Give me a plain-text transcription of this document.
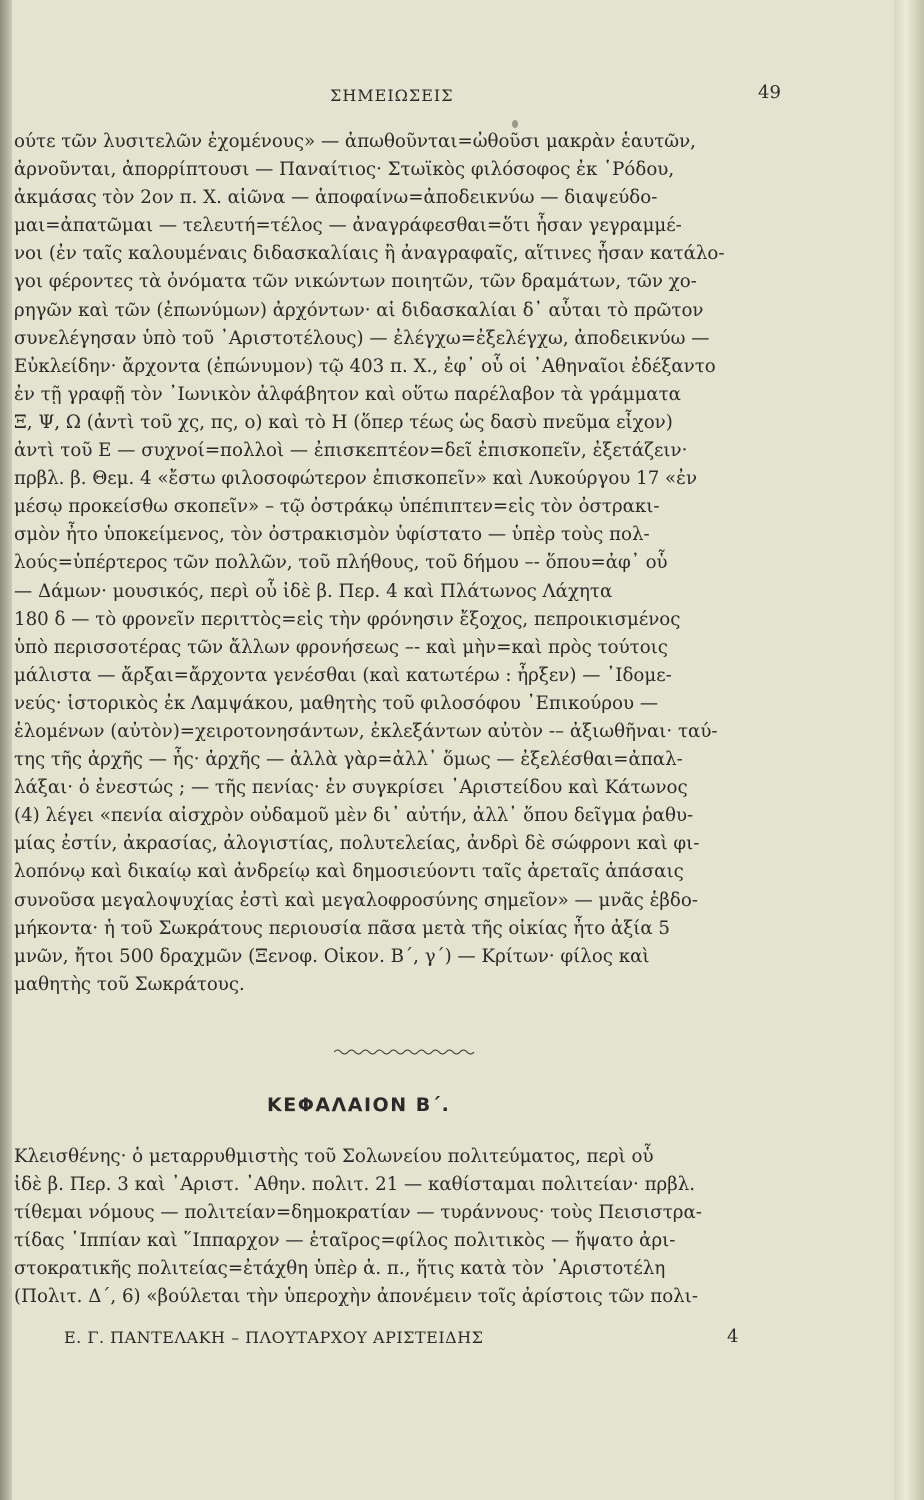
ΣΗΜΕΙΩΣΕΙΣ	49
ούτε τῶν λυσιτελῶν ἐχομένους» — ἀπωθοῦνται=ὠθοῦσι μακρὰν ἑαυτῶν,
ἀρνοῦνται, ἀπορρίπτουσι — Παναίτιος· Στωϊκὸς φιλόσοφος ἐκ ῾Ρόδου,
ἀκμάσας τὸν 2ον π. Χ. αἰῶνα — ἀποφαίνω=ἀποδεικνύω — διαψεύδο-
μαι=ἀπατῶμαι — τελευτή=τέλος — ἀναγράφεσθαι=ὅτι ἦσαν γεγραμμέ-
νοι (ἐν ταῖς καλουμέναις διδασκαλίαις ἢ ἀναγραφαῖς, αἵτινες ἦσαν κατάλο-
γοι φέροντες τὰ ὀνόματα τῶν νικώντων ποιητῶν, τῶν δραμάτων, τῶν χο-
ρηγῶν καὶ τῶν (ἐπωνύμων) ἀρχόντων· αἱ διδασκαλίαι δ᾿ αὗται τὸ πρῶτον
συνελέγησαν ὑπὸ τοῦ ᾿Αριστοτέλους) — ἐλέγχω=ἐξελέγχω, ἀποδεικνύω —
Εὐκλείδην· ἄρχοντα (ἐπώνυμον) τῷ 403 π. Χ., ἐφ᾿ οὗ οἱ ᾿Αθηναῖοι ἐδέξαντο
ἐν τῇ γραφῇ τὸν ᾿Ιωνικὸν ἀλφάβητον καὶ οὕτω παρέλαβον τὰ γράμματα
Ξ, Ψ, Ω (ἀντὶ τοῦ χς, πς, ο) καὶ τὸ Η (ὅπερ τέως ὡς δασὺ πνεῦμα εἶχον)
ἀντὶ τοῦ Ε — συχνοί=πολλοὶ — ἐπισκεπτέον=δεῖ ἐπισκοπεῖν, ἐξετάζειν·
πρβλ. β. Θεμ. 4 «ἔστω φιλοσοφώτερον ἐπισκοπεῖν» καὶ Λυκούργου 17 «ἐν
μέσῳ προκείσθω σκοπεῖν» – τῷ ὀστράκῳ ὑπέπιπτεν=εἰς τὸν ὀστρακι-
σμὸν ἦτο ὑποκείμενος, τὸν ὀστρακισμὸν ὑφίστατο — ὑπὲρ τοὺς πολ-
λούς=ὑπέρτερος τῶν πολλῶν, τοῦ πλήθους, τοῦ δήμου –- ὅπου=ἀφ᾿ οὗ
— Δάμων· μουσικός, περὶ οὗ ἰδὲ β. Περ. 4 καὶ Πλάτωνος Λάχητα
180 δ — τὸ φρονεῖν περιττὸς=εἰς τὴν φρόνησιν ἔξοχος, πεπροικισμένος
ὑπὸ περισσοτέρας τῶν ἄλλων φρονήσεως –- καὶ μὴν=καὶ πρὸς τούτοις
μάλιστα — ἄρξαι=ἄρχοντα γενέσθαι (καὶ κατωτέρω : ἦρξεν) — ᾿Ιδομε-
νεύς· ἱστορικὸς ἐκ Λαμψάκου, μαθητὴς τοῦ φιλοσόφου ᾿Επικούρου —
ἑλομένων (αὐτὸν)=χειροτονησάντων, ἐκλεξάντων αὐτὸν -– ἀξιωθῆναι· ταύ-
της τῆς ἀρχῆς — ἧς· ἀρχῆς — ἀλλὰ γὰρ=ἀλλ᾿ ὅμως — ἐξελέσθαι=ἀπαλ-
λάξαι· ὁ ἐνεστώς ; — τῆς πενίας· ἐν συγκρίσει ᾿Αριστείδου καὶ Κάτωνος
(4) λέγει «πενία αἰσχρὸν οὐδαμοῦ μὲν δι᾿ αὐτήν, ἀλλ᾿ ὅπου δεῖγμα ῥαθυ-
μίας ἐστίν, ἀκρασίας, ἀλογιστίας, πολυτελείας, ἀνδρὶ δὲ σώφρονι καὶ φι-
λοπόνῳ καὶ δικαίῳ καὶ ἀνδρείῳ καὶ δημοσιεύοντι ταῖς ἀρεταῖς ἁπάσαις
συνοῦσα μεγαλοψυχίας ἐστὶ καὶ μεγαλοφροσύνης σημεῖον» — μνᾶς ἑβδο-
μήκοντα· ἡ τοῦ Σωκράτους περιουσία πᾶσα μετὰ τῆς οἰκίας ἦτο ἀξία 5
μνῶν, ἤτοι 500 δραχμῶν (Ξενοφ. Οἰκον. Β΄, γ΄) — Κρίτων· φίλος καὶ
μαθητὴς τοῦ Σωκράτους.
ΚΕΦΑΛΑΙΟΝ Β΄.
Κλεισθένης· ὁ μεταρρυθμιστὴς τοῦ Σολωνείου πολιτεύματος, περὶ οὗ
ἰδὲ β. Περ. 3 καὶ ᾿Αριστ. ᾿Αθην. πολιτ. 21 — καθίσταμαι πολιτείαν· πρβλ.
τίθεμαι νόμους — πολιτείαν=δημοκρατίαν — τυράννους· τοὺς Πεισιστρα-
τίδας ῾Ιππίαν καὶ ῞Ιππαρχον — ἑταῖρος=φίλος πολιτικὸς — ἥψατο ἀρι-
στοκρατικῆς πολιτείας=ἐτάχθη ὑπὲρ ἀ. π., ἥτις κατὰ τὸν ᾿Αριστοτέλη
(Πολιτ. Δ΄, 6) «βούλεται τὴν ὑπεροχὴν ἀπονέμειν τοῖς ἀρίστοις τῶν πολι-
Ε. Γ. ΠΑΝΤΕΛΑΚΗ – ΠΛΟΥΤΑΡΧΟΥ ΑΡΙΣΤΕΙΔΗΣ	4
